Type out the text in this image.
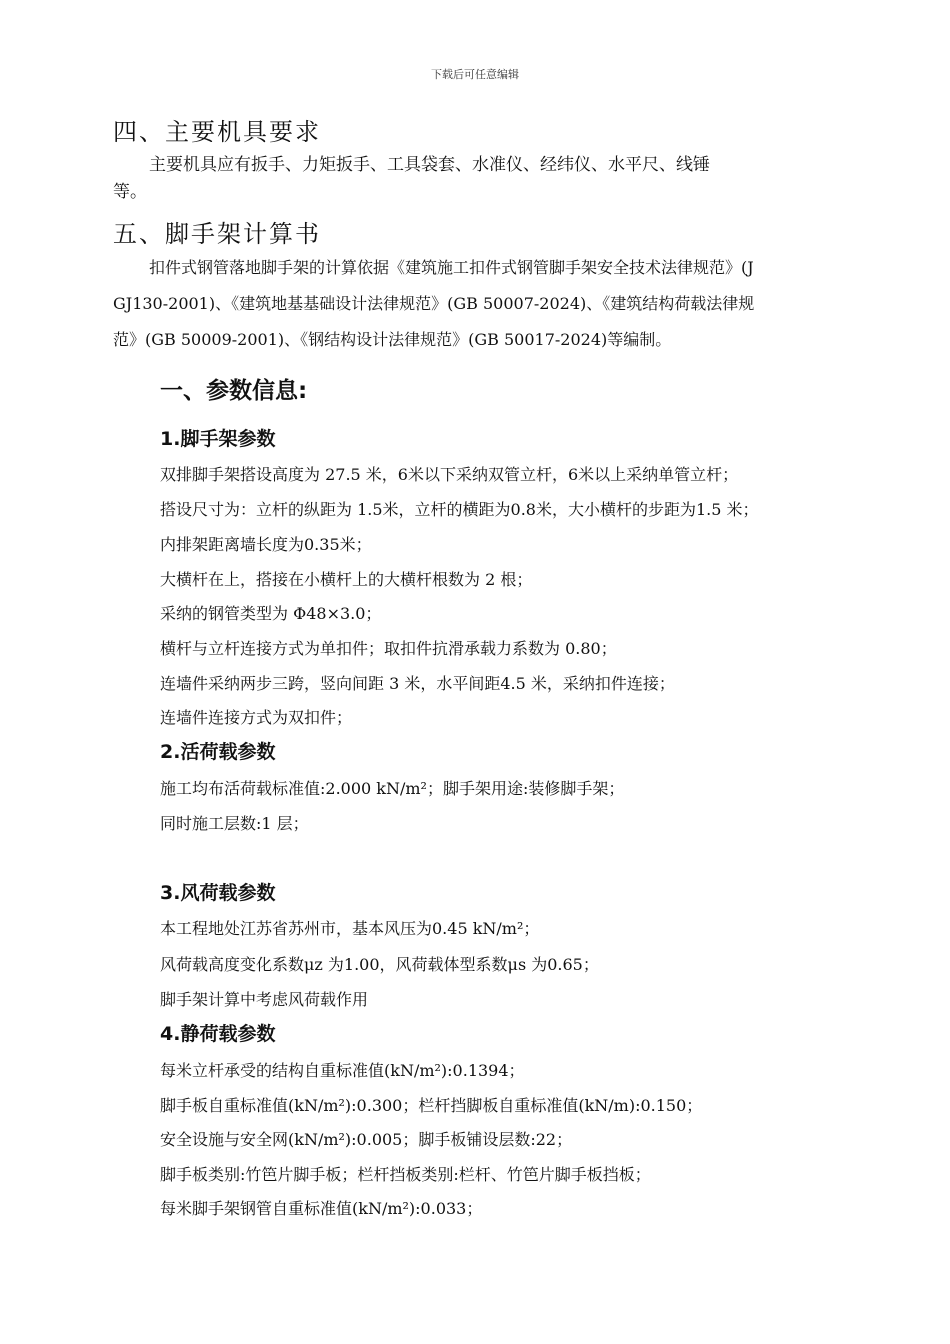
下载后可任意编辑
四、主要机具要求
主要机具应有扳手、力矩扳手、工具袋套、水准仪、经纬仪、水平尺、线锤
等。
五、脚手架计算书
扣件式钢管落地脚手架的计算依据《建筑施工扣件式钢管脚手架安全技术法律规范》(J
GJ130-2001)、《建筑地基基础设计法律规范》(GB 50007-2024)、《建筑结构荷载法律规
范》(GB 50009-2001)、《钢结构设计法律规范》(GB 50017-2024)等编制。
一、参数信息:
1.脚手架参数
双排脚手架搭设高度为 27.5 米，6米以下采纳双管立杆，6米以上采纳单管立杆；
搭设尺寸为：立杆的纵距为 1.5米，立杆的横距为0.8米，大小横杆的步距为1.5 米；
内排架距离墙长度为0.35米；
大横杆在上，搭接在小横杆上的大横杆根数为 2 根；
采纳的钢管类型为 Φ48×3.0；
横杆与立杆连接方式为单扣件；取扣件抗滑承载力系数为 0.80；
连墙件采纳两步三跨，竖向间距 3 米，水平间距4.5 米，采纳扣件连接；
连墙件连接方式为双扣件；
2.活荷载参数
施工均布活荷载标准值:2.000 kN/m²；脚手架用途:装修脚手架；
同时施工层数:1 层；
3.风荷载参数
本工程地处江苏省苏州市，基本风压为0.45 kN/m²；
风荷载高度变化系数μz 为1.00，风荷载体型系数μs 为0.65；
脚手架计算中考虑风荷载作用
4.静荷载参数
每米立杆承受的结构自重标准值(kN/m²):0.1394；
脚手板自重标准值(kN/m²):0.300；栏杆挡脚板自重标准值(kN/m):0.150；
安全设施与安全网(kN/m²):0.005；脚手板铺设层数:22；
脚手板类别:竹笆片脚手板；栏杆挡板类别:栏杆、竹笆片脚手板挡板；
每米脚手架钢管自重标准值(kN/m²):0.033；
